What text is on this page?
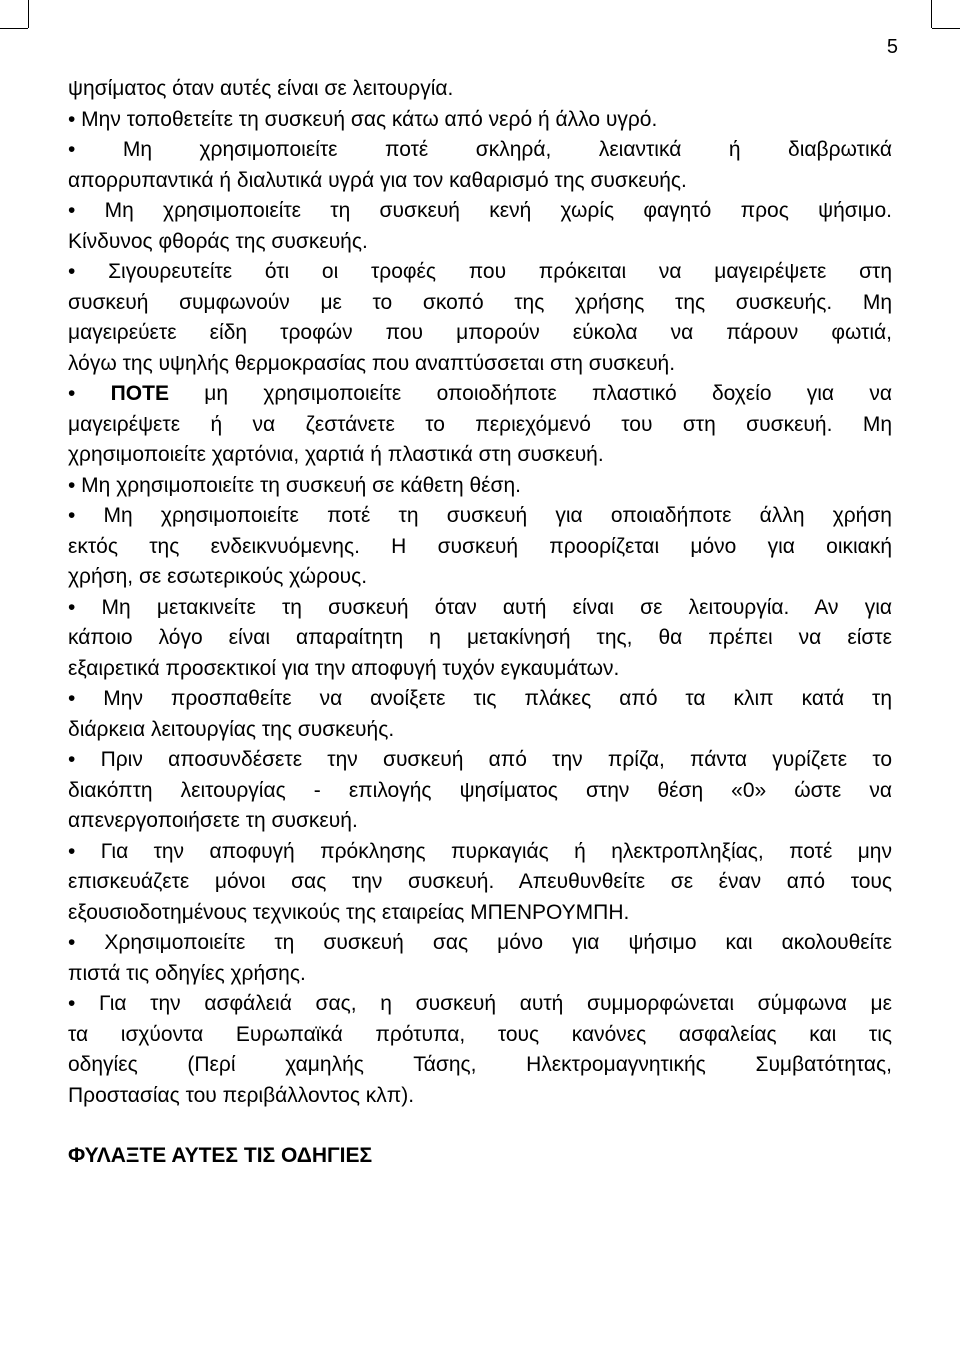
5
ψησίματος όταν αυτές είναι σε λειτουργία.
• Μην τοποθετείτε τη συσκευή σας κάτω από νερό ή άλλο υγρό.
• Μη χρησιμοποιείτε ποτέ σκληρά, λειαντικά ή διαβρωτικά
απορρυπαντικά ή διαλυτικά υγρά για τον καθαρισμό της συσκευής.
• Μη χρησιμοποιείτε τη συσκευή κενή χωρίς φαγητό προς ψήσιμο.
Κίνδυνος φθοράς της συσκευής.
• Σιγουρευτείτε ότι οι τροφές που πρόκειται να μαγειρέψετε στη
συσκευή συμφωνούν με το σκοπό της χρήσης της συσκευής. Μη
μαγειρεύετε είδη τροφών που μπορούν εύκολα να πάρουν φωτιά,
λόγω της υψηλής θερμοκρασίας που αναπτύσσεται στη συσκευή.
• ΠΟΤΕ μη χρησιμοποιείτε οποιοδήποτε πλαστικό δοχείο για να
μαγειρέψετε ή να ζεστάνετε το περιεχόμενό του στη συσκευή. Μη
χρησιμοποιείτε χαρτόνια, χαρτιά ή πλαστικά στη συσκευή.
• Μη χρησιμοποιείτε τη συσκευή σε κάθετη θέση.
• Μη χρησιμοποιείτε ποτέ τη συσκευή για οποιαδήποτε άλλη χρήση
εκτός της ενδεικνυόμενης. Η συσκευή προορίζεται μόνο για οικιακή
χρήση, σε εσωτερικούς χώρους.
• Μη μετακινείτε τη συσκευή όταν αυτή είναι σε λειτουργία. Αν για
κάποιο λόγο είναι απαραίτητη η μετακίνησή της, θα πρέπει να είστε
εξαιρετικά προσεκτικοί για την αποφυγή τυχόν εγκαυμάτων.
• Μην προσπαθείτε να ανοίξετε τις πλάκες από τα κλιπ κατά τη
διάρκεια λειτουργίας της συσκευής.
• Πριν αποσυνδέσετε την συσκευή από την πρίζα, πάντα γυρίζετε το
διακόπτη λειτουργίας - επιλογής ψησίματος στην θέση «0» ώστε να
απενεργοποιήσετε τη συσκευή.
• Για την αποφυγή πρόκλησης πυρκαγιάς ή ηλεκτροπληξίας, ποτέ μην
επισκευάζετε μόνοι σας την συσκευή. Απευθυνθείτε σε έναν από τους
εξουσιοδοτημένους τεχνικούς της εταιρείας ΜΠΕΝΡΟΥΜΠΗ.
• Χρησιμοποιείτε τη συσκευή σας μόνο για ψήσιμο και ακολουθείτε
πιστά τις οδηγίες χρήσης.
• Για την ασφάλειά σας, η συσκευή αυτή συμμορφώνεται σύμφωνα με
τα ισχύοντα Ευρωπαϊκά πρότυπα, τους κανόνες ασφαλείας και τις
οδηγίες (Περί χαμηλής Τάσης, Ηλεκτρομαγνητικής Συμβατότητας,
Προστασίας του περιβάλλοντος κλπ).
ΦΥΛΑΞΤΕ ΑΥΤΕΣ ΤΙΣ ΟΔΗΓΙΕΣ
